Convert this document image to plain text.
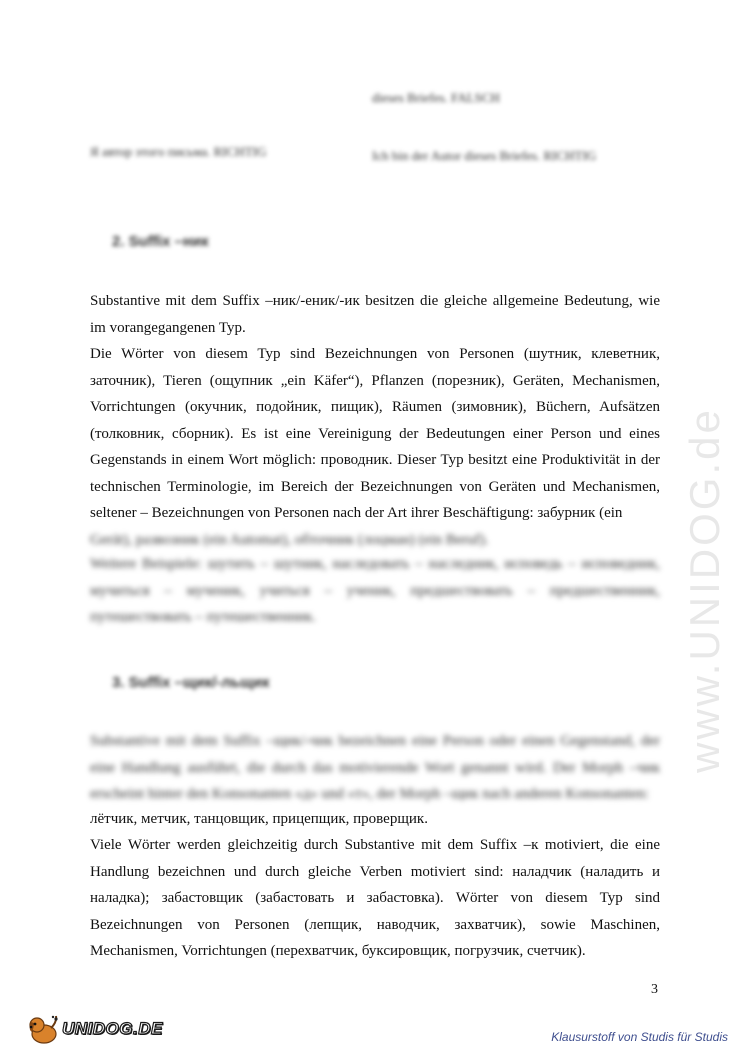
dieses Briefes. FALSCH
Я автор этого письма. RICHTIG	Ich bin der Autor dieses Briefes. RICHTIG
2. Suffix –ник

Substantive mit dem Suffix –ник/-еник/-ик besitzen die gleiche allgemeine Bedeutung, wie im vorangegangenen Typ.

Die Wörter von diesem Typ sind Bezeichnungen von Personen (шутник, клеветник, заточник), Tieren (ощупник „ein Käfer“), Pflanzen (порезник), Geräten, Mechanismen, Vorrichtungen (окучник, подойник, пищик), Räumen (зимовник), Büchern, Aufsätzen (толковник, сборник). Es ist eine Vereinigung der Bedeutungen einer Person und eines Gegenstands in einem Wort möglich: проводник. Dieser Typ besitzt eine Produktivität in der technischen Terminologie, im Bereich der Bezeichnungen von Geräten und Mechanismen, seltener – Bezeichnungen von Personen nach der Art ihrer Beschäftigung: забурник (ein

Gerät), развозник (ein Automat), обточник (лоцман) (ein Beruf).

Weitere Beispiele: шутить – шутник, наследовать – наследник, исповедь – исповедник, мучиться – мученик, учиться – ученик, предшествовать – предшественник, путешествовать – путешественник.

3. Suffix –щик/-льщик

Substantive mit dem Suffix –щик/-чик bezeichnen eine Person oder einen Gegenstand, der eine Handlung ausführt, die durch das motivierende Wort genannt wird. Der Morph –чик erscheint hinter den Konsonanten «д» und «т», der Morph –щик nach anderen Konsonanten:

лётчик, метчик, танцовщик, прицепщик, проверщик.

Viele Wörter werden gleichzeitig durch Substantive mit dem Suffix –к motiviert, die eine Handlung bezeichnen und durch gleiche Verben motiviert sind: наладчик (наладить и наладка); забастовщик (забастовать и забастовка). Wörter von diesem Typ sind Bezeichnungen von Personen (лепщик, наводчик, захватчик), sowie Maschinen, Mechanismen, Vorrichtungen (перехватчик, буксировщик, погрузчик, счетчик).

3
www.UNIDOG.de
UNIDOG.DE	Klausurstoff von Studis für Studis
